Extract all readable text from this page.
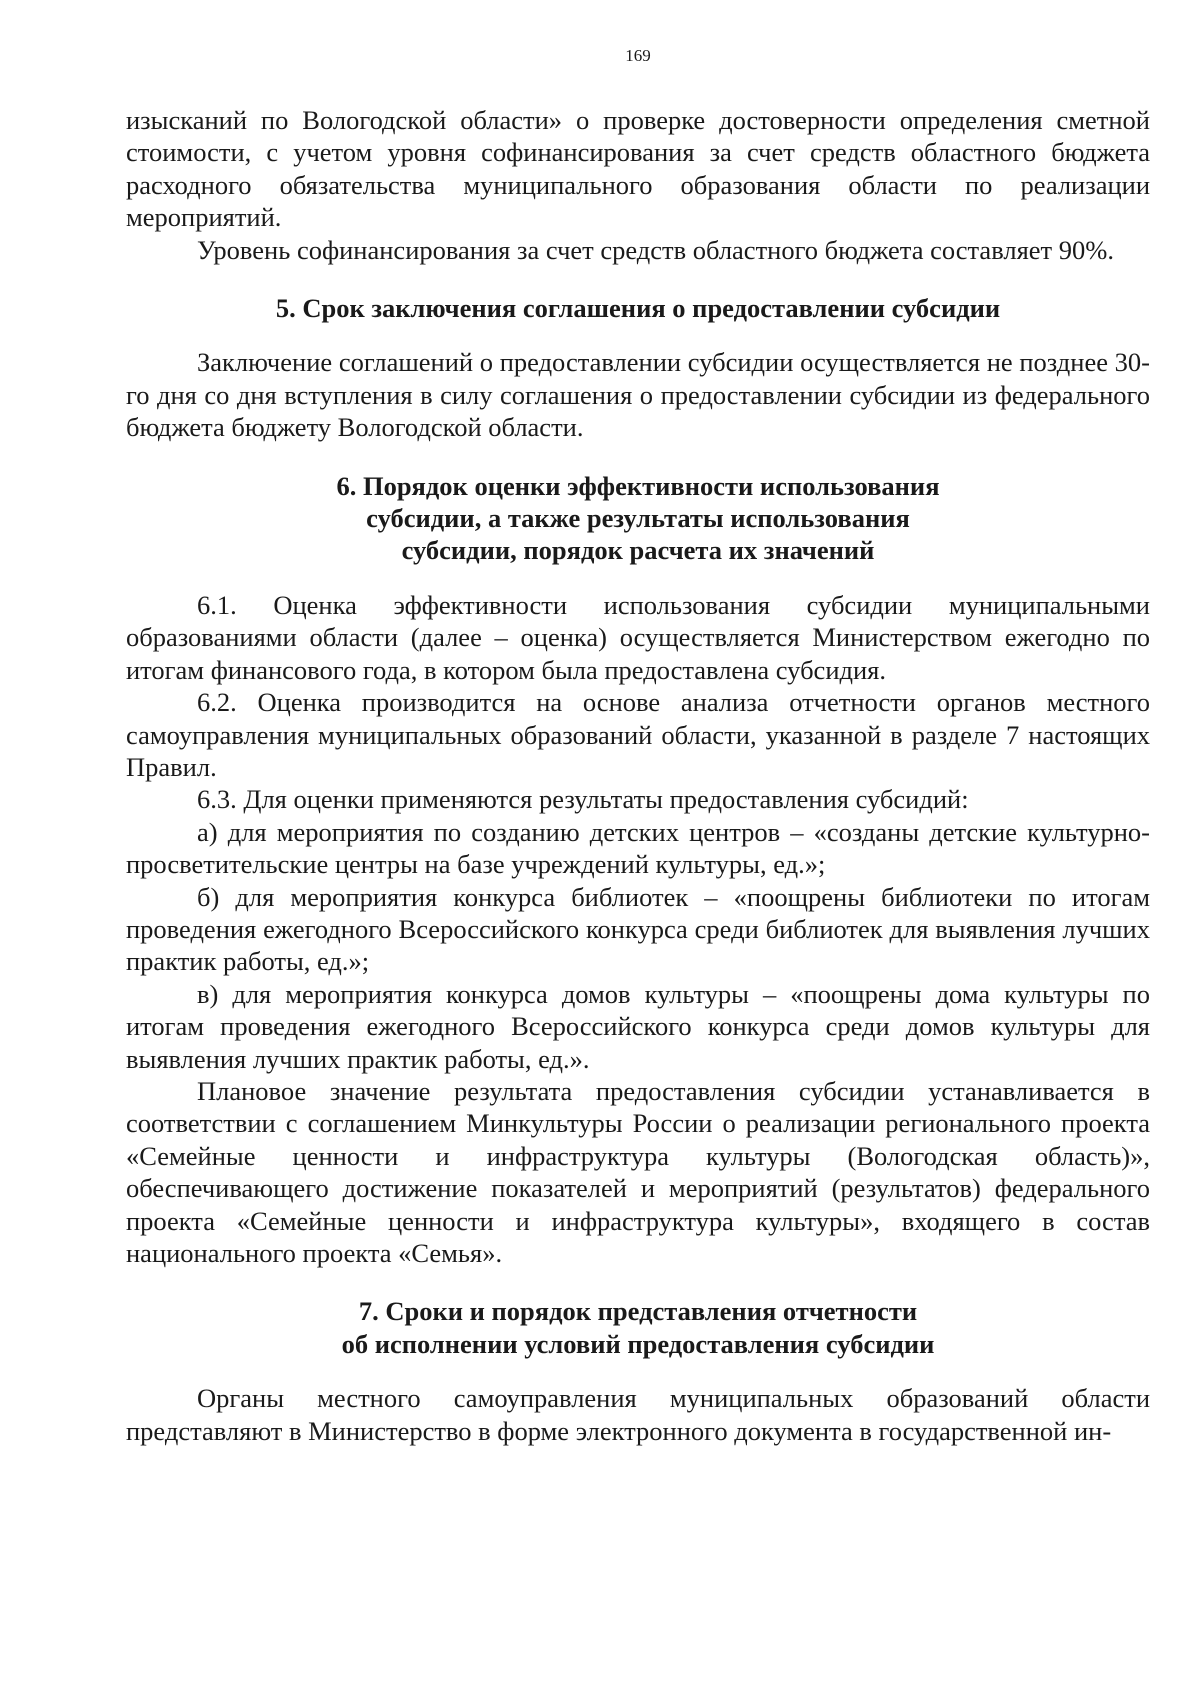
169

изысканий по Вологодской области» о проверке достоверности определения сметной стоимости, с учетом уровня софинансирования за счет средств областного бюджета расходного обязательства муниципального образования области по реализации мероприятий.

Уровень софинансирования за счет средств областного бюджета составляет 90%.

5. Срок заключения соглашения о предоставлении субсидии

Заключение соглашений о предоставлении субсидии осуществляется не позднее 30-го дня со дня вступления в силу соглашения о предоставлении субсидии из федерального бюджета бюджету Вологодской области.

6. Порядок оценки эффективности использования
субсидии, а также результаты использования
субсидии, порядок расчета их значений

6.1. Оценка эффективности использования субсидии муниципальными образованиями области (далее – оценка) осуществляется Министерством ежегодно по итогам финансового года, в котором была предоставлена субсидия.

6.2. Оценка производится на основе анализа отчетности органов местного самоуправления муниципальных образований области, указанной в разделе 7 настоящих Правил.

6.3. Для оценки применяются результаты предоставления субсидий:

а) для мероприятия по созданию детских центров – «созданы детские культурно-просветительские центры на базе учреждений культуры, ед.»;

б) для мероприятия конкурса библиотек – «поощрены библиотеки по итогам проведения ежегодного Всероссийского конкурса среди библиотек для выявления лучших практик работы, ед.»;

в) для мероприятия конкурса домов культуры – «поощрены дома культуры по итогам проведения ежегодного Всероссийского конкурса среди домов культуры для выявления лучших практик работы, ед.».

Плановое значение результата предоставления субсидии устанавливается в соответствии с соглашением Минкультуры России о реализации регионального проекта «Семейные ценности и инфраструктура культуры (Вологодская область)», обеспечивающего достижение показателей и мероприятий (результатов) федерального проекта «Семейные ценности и инфраструктура культуры», входящего в состав национального проекта «Семья».

7. Сроки и порядок представления отчетности
об исполнении условий предоставления субсидии

Органы местного самоуправления муниципальных образований области представляют в Министерство в форме электронного документа в государственной ин-
